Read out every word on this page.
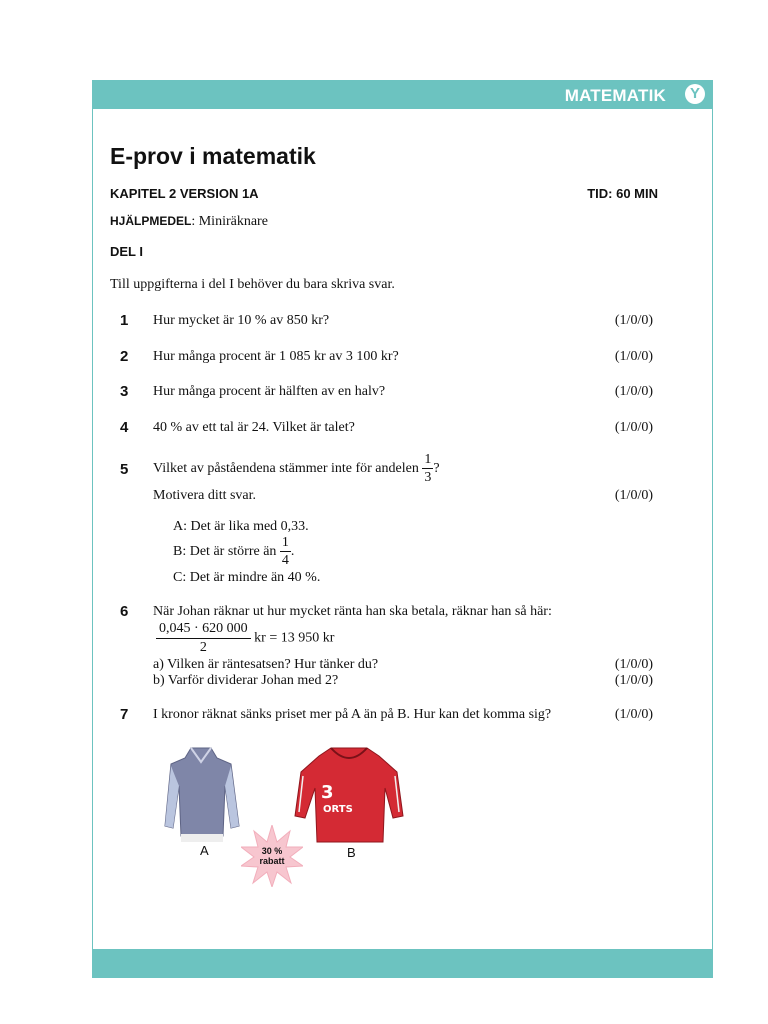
MATEMATIK	Y
E-prov i matematik
KAPITEL 2 VERSION 1A	TID: 60 MIN
HJÄLPMEDEL: Miniräknare
DEL I
Till uppgifterna i del I behöver du bara skriva svar.
1 Hur mycket är 10 % av 850 kr?	(1/0/0)
2 Hur många procent är 1 085 kr av 3 100 kr?	(1/0/0)
3 Hur många procent är hälften av en halv?	(1/0/0)
4 40 % av ett tal är 24. Vilket är talet?	(1/0/0)
5 Vilket av påståendena stämmer inte för andelen $\frac{1}{3}$ ?
Motivera ditt svar.	(1/0/0)
A: Det är lika med 0,33.
B: Det är större än $\frac{1}{4}$ .
C: Det är mindre än 40 %.
6 När Johan räknar ut hur mycket ränta han ska betala, räknar han så här:
$\frac{0,045 \cdot 620 000}{2}$ kr = 13 950 kr
a) Vilken är räntesatsen? Hur tänker du?	(1/0/0)
b) Varför dividerar Johan med 2?	(1/0/0)
7 I kronor räknat sänks priset mer på A än på B. Hur kan det komma sig?	(1/0/0)
3
ORTS
A	B
30 %
rabatt
